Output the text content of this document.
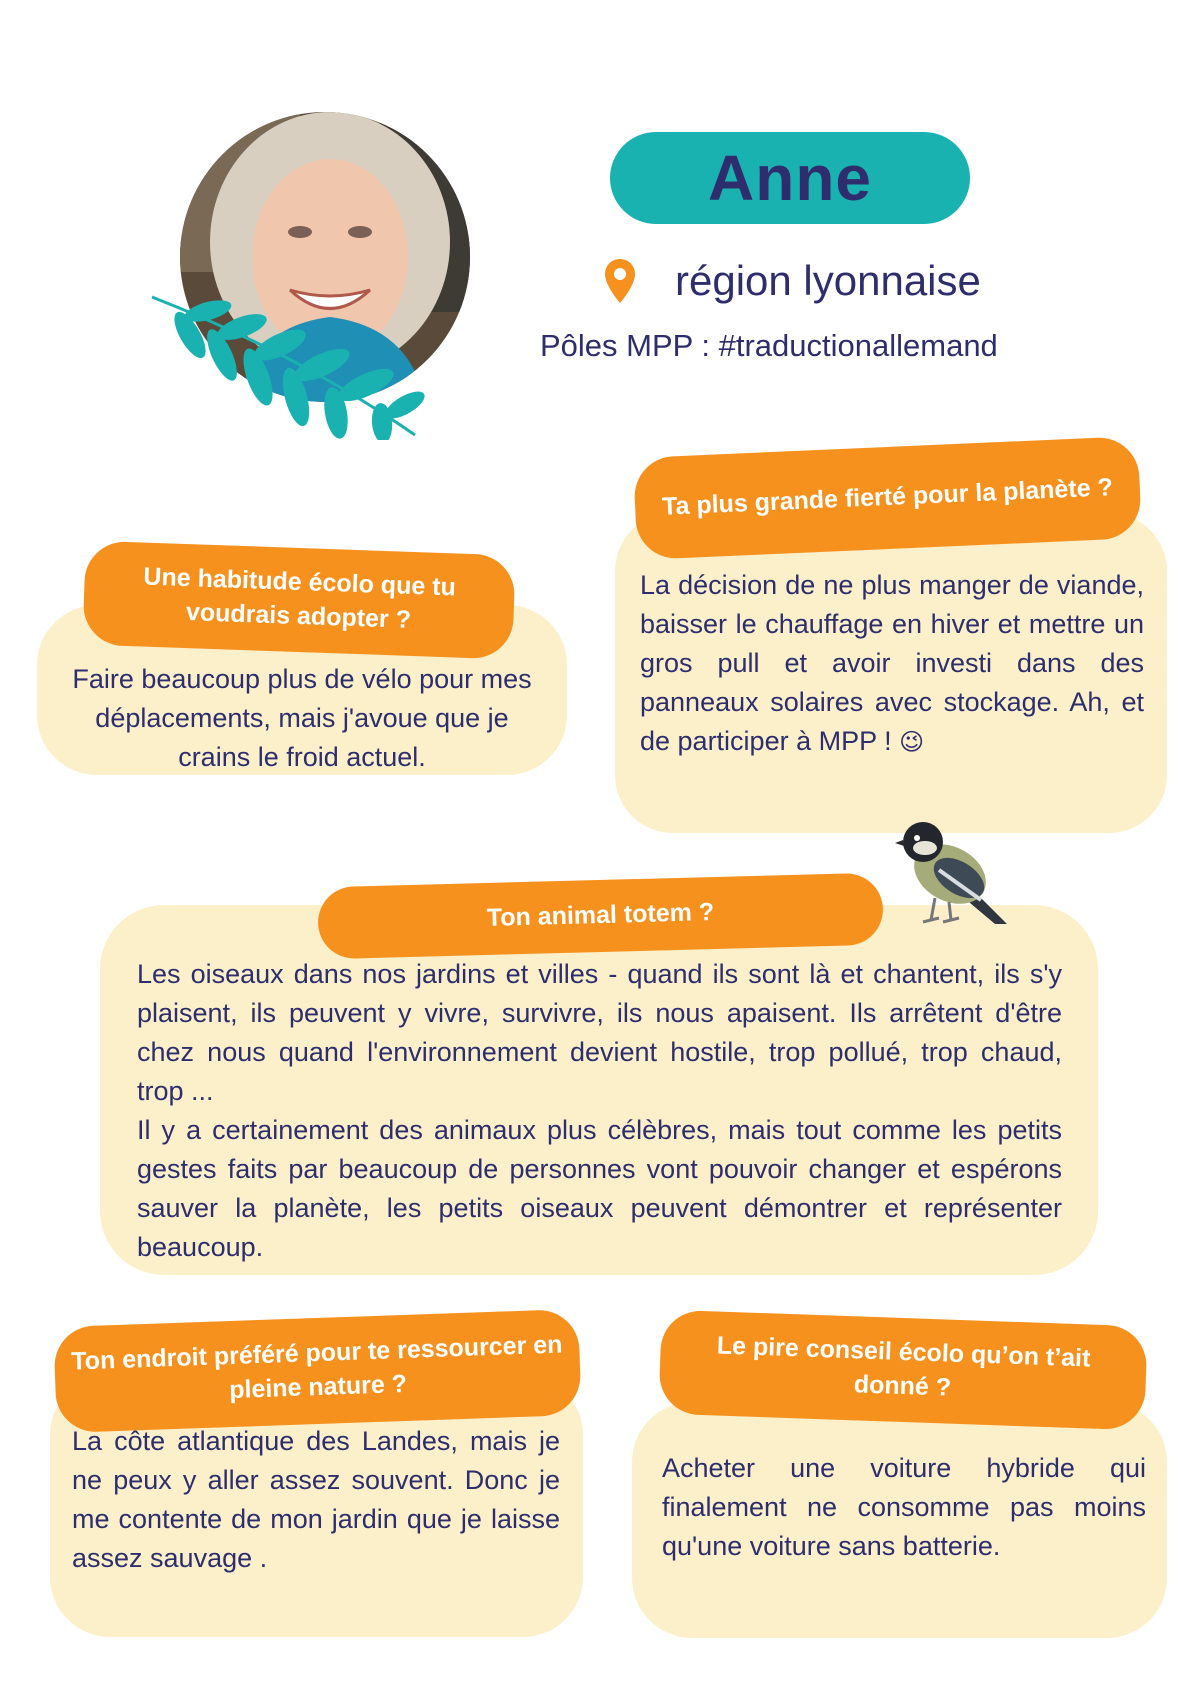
Anne
région lyonnaise
Pôles MPP : #traductionallemand
Faire beaucoup plus de vélo pour mes déplacements, mais j'avoue que je crains le froid actuel.
Une habitude écolo que tu voudrais adopter ?
La décision de ne plus manger de viande, baisser le chauffage en hiver et mettre un gros pull et avoir investi dans des panneaux solaires avec stockage. Ah, et de participer à MPP ! 😉
Ta plus grande fierté pour la planète ?
Les oiseaux dans nos jardins et villes - quand ils sont là et chantent, ils s'y plaisent, ils peuvent y vivre, survivre, ils nous apaisent. Ils arrêtent d'être chez nous quand l'environnement devient hostile, trop pollué, trop chaud, trop ...
Il y a certainement des animaux plus célèbres, mais tout comme les petits gestes faits par beaucoup de personnes vont pouvoir changer et espérons sauver la planète, les petits oiseaux peuvent démontrer et représenter beaucoup.
Ton animal totem ?
La côte atlantique des Landes, mais je ne peux y aller assez souvent. Donc je me contente de mon jardin que je laisse assez sauvage .
Ton endroit préféré pour te ressourcer en pleine nature ?
Acheter une voiture hybride qui finalement ne consomme pas moins qu'une voiture sans batterie.
Le pire conseil écolo qu’on t’ait donné ?
